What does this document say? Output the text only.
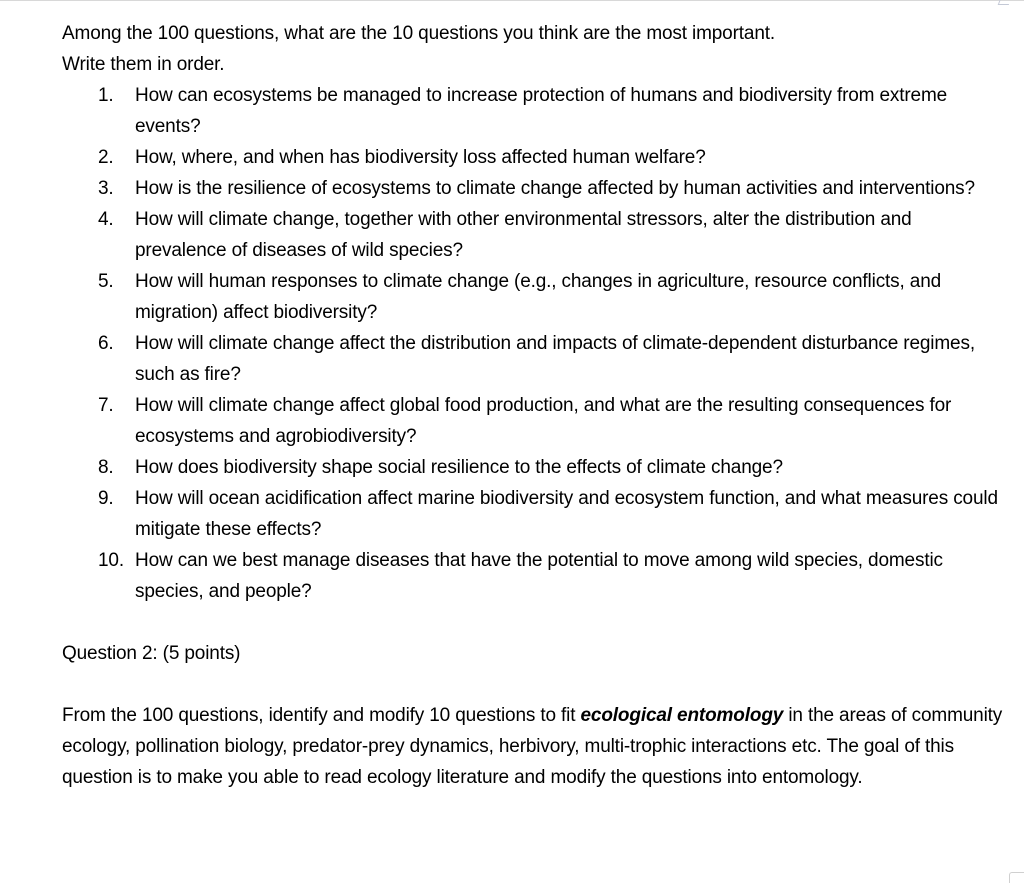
Among the 100 questions, what are the 10 questions you think are the most important.

Write them in order.

1. How can ecosystems be managed to increase protection of humans and biodiversity from extreme events?
2. How, where, and when has biodiversity loss affected human welfare?
3. How is the resilience of ecosystems to climate change affected by human activities and interventions?
4. How will climate change, together with other environmental stressors, alter the distribution and prevalence of diseases of wild species?
5. How will human responses to climate change (e.g., changes in agriculture, resource conflicts, and migration) affect biodiversity?
6. How will climate change affect the distribution and impacts of climate-dependent disturbance regimes, such as fire?
7. How will climate change affect global food production, and what are the resulting consequences for ecosystems and agrobiodiversity?
8. How does biodiversity shape social resilience to the effects of climate change?
9. How will ocean acidification affect marine biodiversity and ecosystem function, and what measures could mitigate these effects?
10. How can we best manage diseases that have the potential to move among wild species, domestic species, and people?

Question 2: (5 points)

From the 100 questions, identify and modify 10 questions to fit ecological entomology in the areas of community ecology, pollination biology, predator-prey dynamics, herbivory, multi-trophic interactions etc. The goal of this question is to make you able to read ecology literature and modify the questions into entomology.
